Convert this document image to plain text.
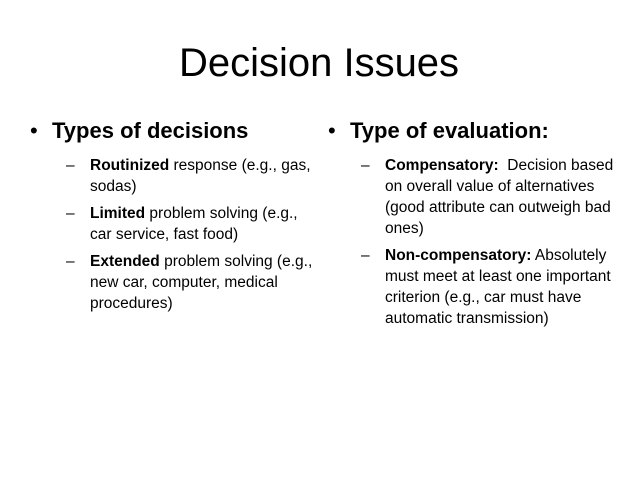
Decision Issues
• Types of decisions
– Routinized response (e.g., gas, sodas)
– Limited problem solving (e.g., car service, fast food)
– Extended problem solving (e.g., new car, computer, medical procedures)
• Type of evaluation:
– Compensatory:  Decision based on overall value of alternatives (good attribute can outweigh bad ones)
– Non-compensatory: Absolutely must meet at least one important criterion (e.g., car must have automatic transmission)
